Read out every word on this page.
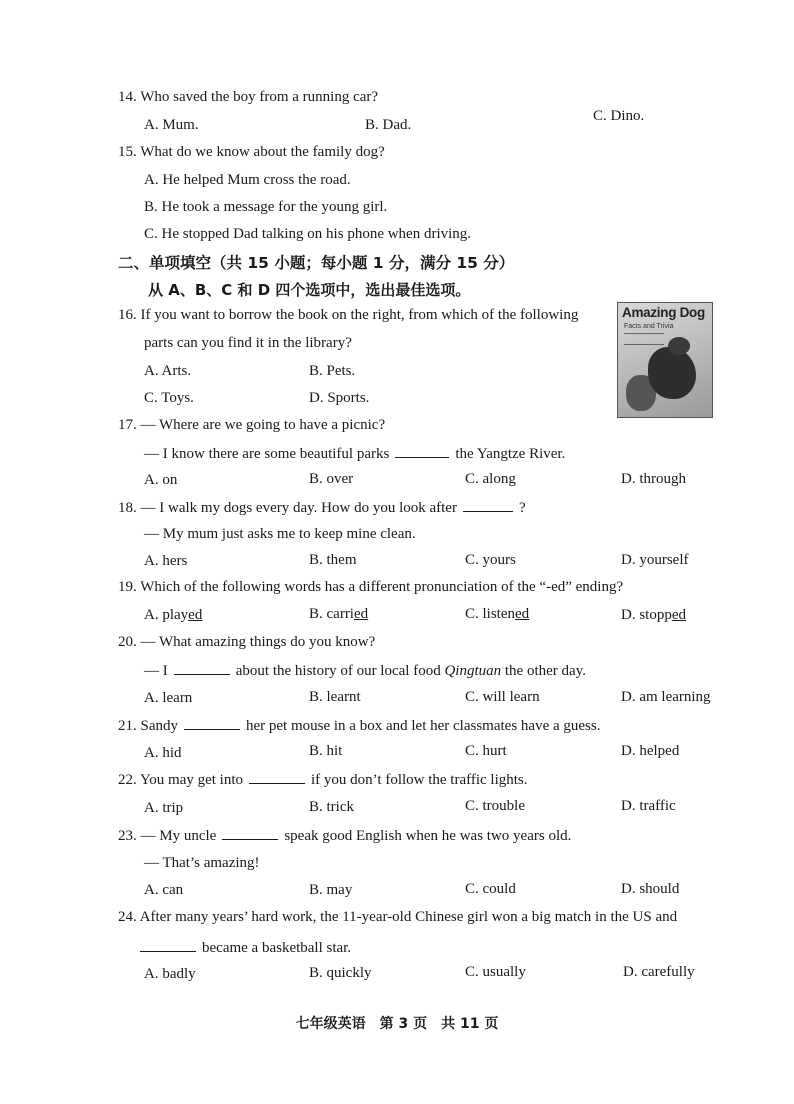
14. Who saved the boy from a running car?
A. Mum.	B. Dad.
C. Dino.
15. What do we know about the family dog?
A. He helped Mum cross the road.
B. He took a message for the young girl.
C. He stopped Dad talking on his phone when driving.
二、单项填空（共 15 小题；每小题 1 分，满分 15 分）
从 A、B、C 和 D 四个选项中，选出最佳选项。
16. If you want to borrow the book on the right, from which of the following
parts can you find it in the library?
A. Arts.	B. Pets.
C. Toys.	D. Sports.
Amazing Dog
Facts and Trivia
17. — Where are we going to have a picnic?
— I know there are some beautiful parks	the Yangtze River.
A. on	B. over	C. along	D. through
18. — I walk my dogs every day. How do you look after	?
— My mum just asks me to keep mine clean.
A. hers	B. them	C. yours	D. yourself
19. Which of the following words has a different pronunciation of the “-ed” ending?
A. played	B. carried	C. listened	D. stopped
20. — What amazing things do you know?
— I	about the history of our local food Qingtuan the other day.
A. learn	B. learnt	C. will learn	D. am learning
21. Sandy	her pet mouse in a box and let her classmates have a guess.
A. hid	B. hit	C. hurt	D. helped
22. You may get into	if you don’t follow the traffic lights.
A. trip	B. trick	C. trouble	D. traffic
23. — My uncle	speak good English when he was two years old.
— That’s amazing!
A. can	B. may	C. could	D. should
24. After many years’ hard work, the 11-year-old Chinese girl won a big match in the US and
became a basketball star.
A. badly	B. quickly	C. usually	D. carefully
七年级英语　第 3 页　共 11 页
